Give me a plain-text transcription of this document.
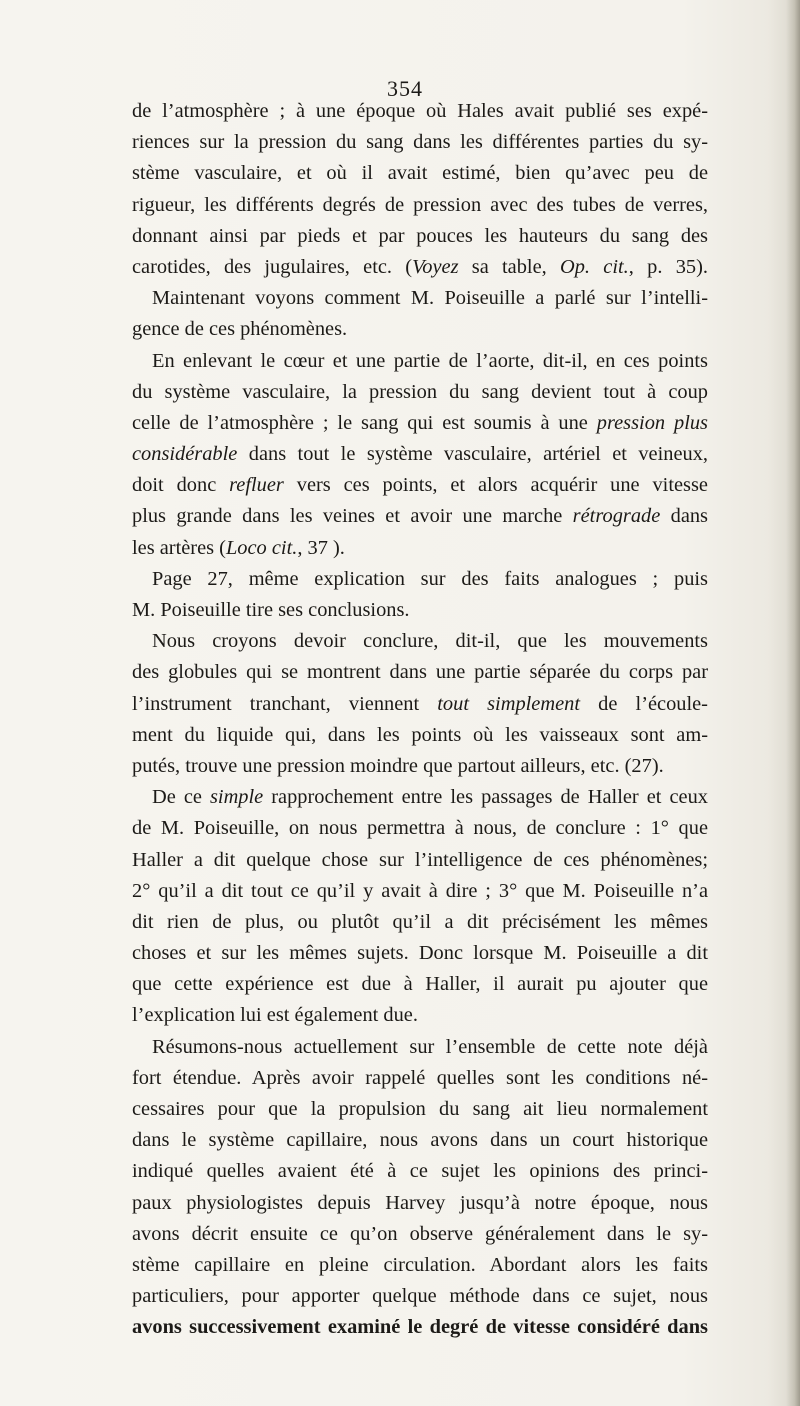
354
de l’atmosphère ; à une époque où Hales avait publié ses expé-
riences sur la pression du sang dans les différentes parties du sy-
stème vasculaire, et où il avait estimé, bien qu’avec peu de
rigueur, les différents degrés de pression avec des tubes de verres,
donnant ainsi par pieds et par pouces les hauteurs du sang des
carotides, des jugulaires, etc. (Voyez sa table, Op. cit., p. 35).
Maintenant voyons comment M. Poiseuille a parlé sur l’intelli-
gence de ces phénomènes.
En enlevant le cœur et une partie de l’aorte, dit-il, en ces points
du système vasculaire, la pression du sang devient tout à coup
celle de l’atmosphère ; le sang qui est soumis à une pression plus
considérable dans tout le système vasculaire, artériel et veineux,
doit donc refluer vers ces points, et alors acquérir une vitesse
plus grande dans les veines et avoir une marche rétrograde dans
les artères (Loco cit., 37 ).
Page 27, même explication sur des faits analogues ; puis
M. Poiseuille tire ses conclusions.
Nous croyons devoir conclure, dit-il, que les mouvements
des globules qui se montrent dans une partie séparée du corps par
l’instrument tranchant, viennent tout simplement de l’écoule-
ment du liquide qui, dans les points où les vaisseaux sont am-
putés, trouve une pression moindre que partout ailleurs, etc. (27).
De ce simple rapprochement entre les passages de Haller et ceux
de M. Poiseuille, on nous permettra à nous, de conclure : 1° que
Haller a dit quelque chose sur l’intelligence de ces phénomènes;
2° qu’il a dit tout ce qu’il y avait à dire ; 3° que M. Poiseuille n’a
dit rien de plus, ou plutôt qu’il a dit précisément les mêmes
choses et sur les mêmes sujets. Donc lorsque M. Poiseuille a dit
que cette expérience est due à Haller, il aurait pu ajouter que
l’explication lui est également due.
Résumons-nous actuellement sur l’ensemble de cette note déjà
fort étendue. Après avoir rappelé quelles sont les conditions né-
cessaires pour que la propulsion du sang ait lieu normalement
dans le système capillaire, nous avons dans un court historique
indiqué quelles avaient été à ce sujet les opinions des princi-
paux physiologistes depuis Harvey jusqu’à notre époque, nous
avons décrit ensuite ce qu’on observe généralement dans le sy-
stème capillaire en pleine circulation. Abordant alors les faits
particuliers, pour apporter quelque méthode dans ce sujet, nous
avons successivement examiné le degré de vitesse considéré dans
